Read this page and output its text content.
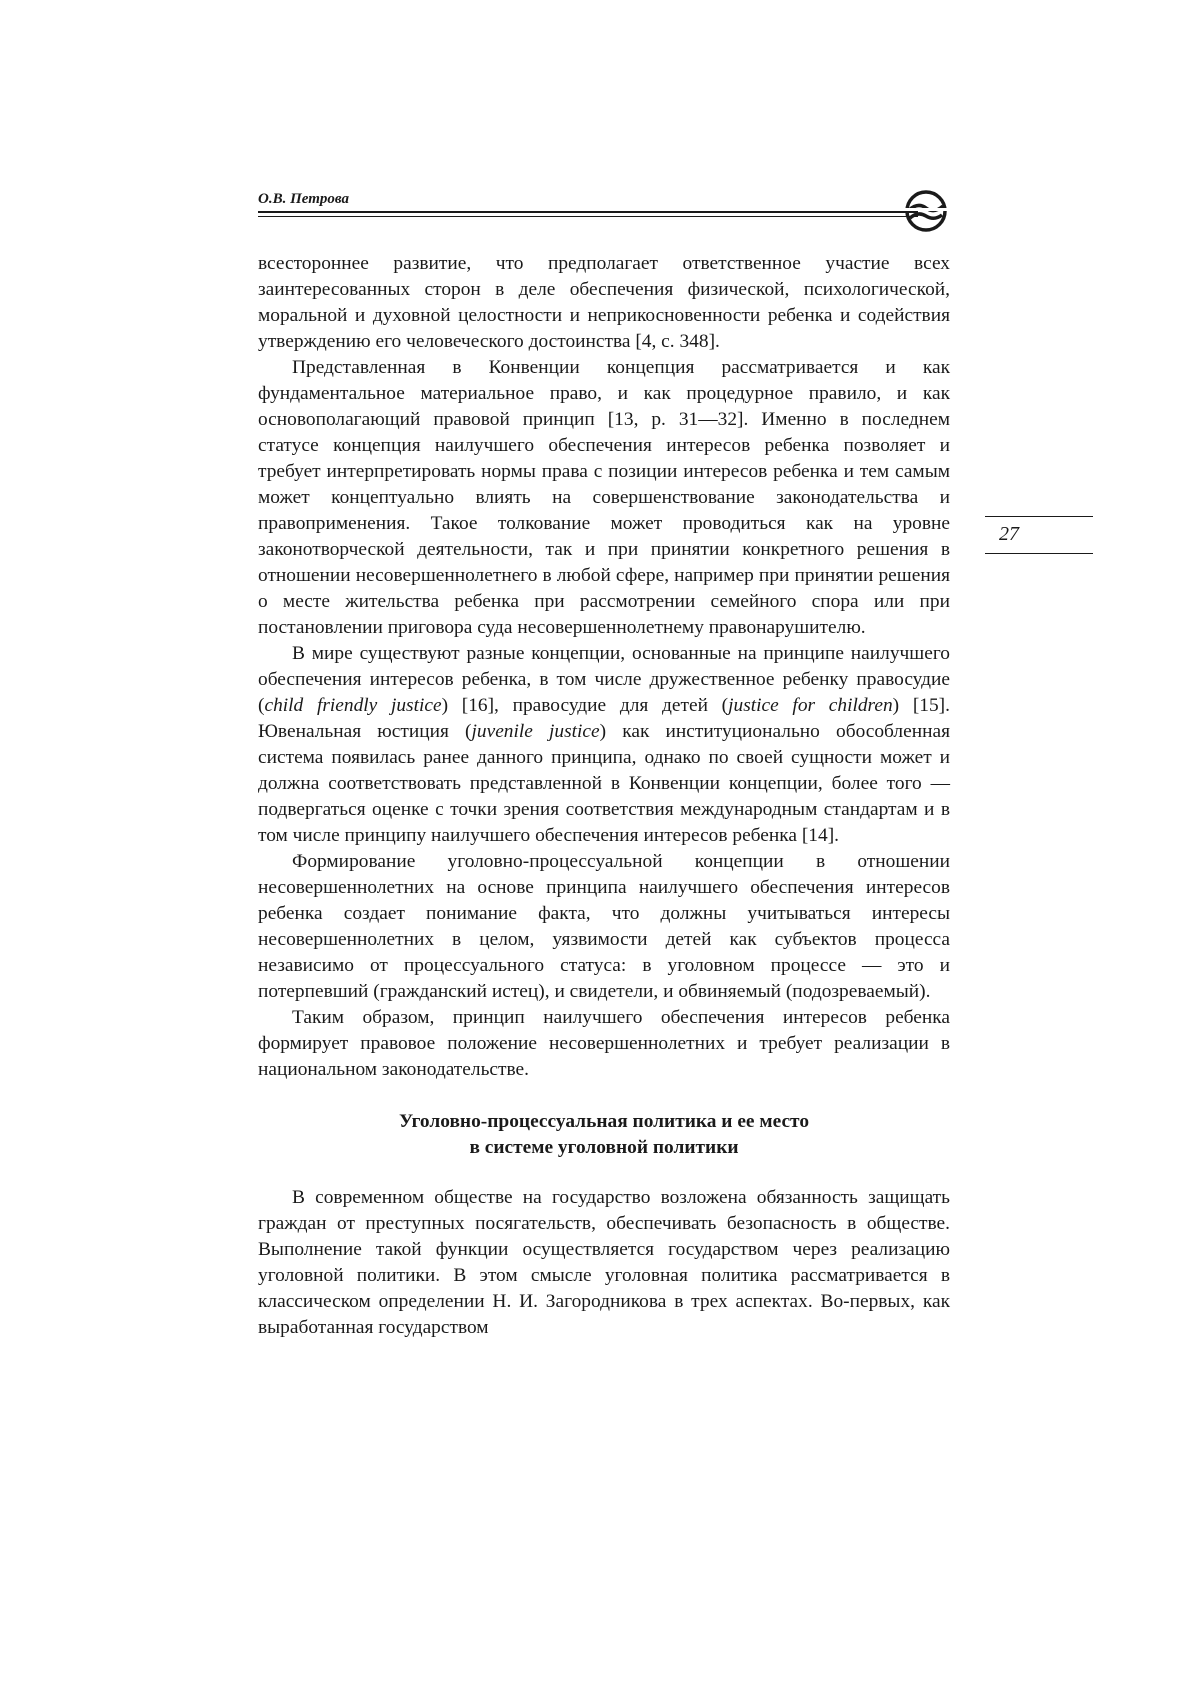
О.В. Петрова
27

всестороннее развитие, что предполагает ответственное участие всех заинтересованных сторон в деле обеспечения физической, психологической, моральной и духовной целостности и неприкосновенности ребенка и содействия утверждению его человеческого достоинства [4, с. 348].

Представленная в Конвенции концепция рассматривается и как фундаментальное материальное право, и как процедурное правило, и как основополагающий правовой принцип [13, p. 31—32]. Именно в последнем статусе концепция наилучшего обеспечения интересов ребенка позволяет и требует интерпретировать нормы права с позиции интересов ребенка и тем самым может концептуально влиять на совершенствование законодательства и правоприменения. Такое толкование может проводиться как на уровне законотворческой деятельности, так и при принятии конкретного решения в отношении несовершеннолетнего в любой сфере, например при принятии решения о месте жительства ребенка при рассмотрении семейного спора или при постановлении приговора суда несовершеннолетнему правонарушителю.

В мире существуют разные концепции, основанные на принципе наилучшего обеспечения интересов ребенка, в том числе дружественное ребенку правосудие (child friendly justice) [16], правосудие для детей (justice for children) [15]. Ювенальная юстиция (juvenile justice) как институционально обособленная система появилась ранее данного принципа, однако по своей сущности может и должна соответствовать представленной в Конвенции концепции, более того — подвергаться оценке с точки зрения соответствия международным стандартам и в том числе принципу наилучшего обеспечения интересов ребенка [14].

Формирование уголовно-процессуальной концепции в отношении несовершеннолетних на основе принципа наилучшего обеспечения интересов ребенка создает понимание факта, что должны учитываться интересы несовершеннолетних в целом, уязвимости детей как субъектов процесса независимо от процессуального статуса: в уголовном процессе — это и потерпевший (гражданский истец), и свидетели, и обвиняемый (подозреваемый).

Таким образом, принцип наилучшего обеспечения интересов ребенка формирует правовое положение несовершеннолетних и требует реализации в национальном законодательстве.

Уголовно-процессуальная политика и ее место
в системе уголовной политики

В современном обществе на государство возложена обязанность защищать граждан от преступных посягательств, обеспечивать безопасность в обществе. Выполнение такой функции осуществляется государством через реализацию уголовной политики. В этом смысле уголовная политика рассматривается в классическом определении Н. И. Загородникова в трех аспектах. Во-первых, как выработанная государством
